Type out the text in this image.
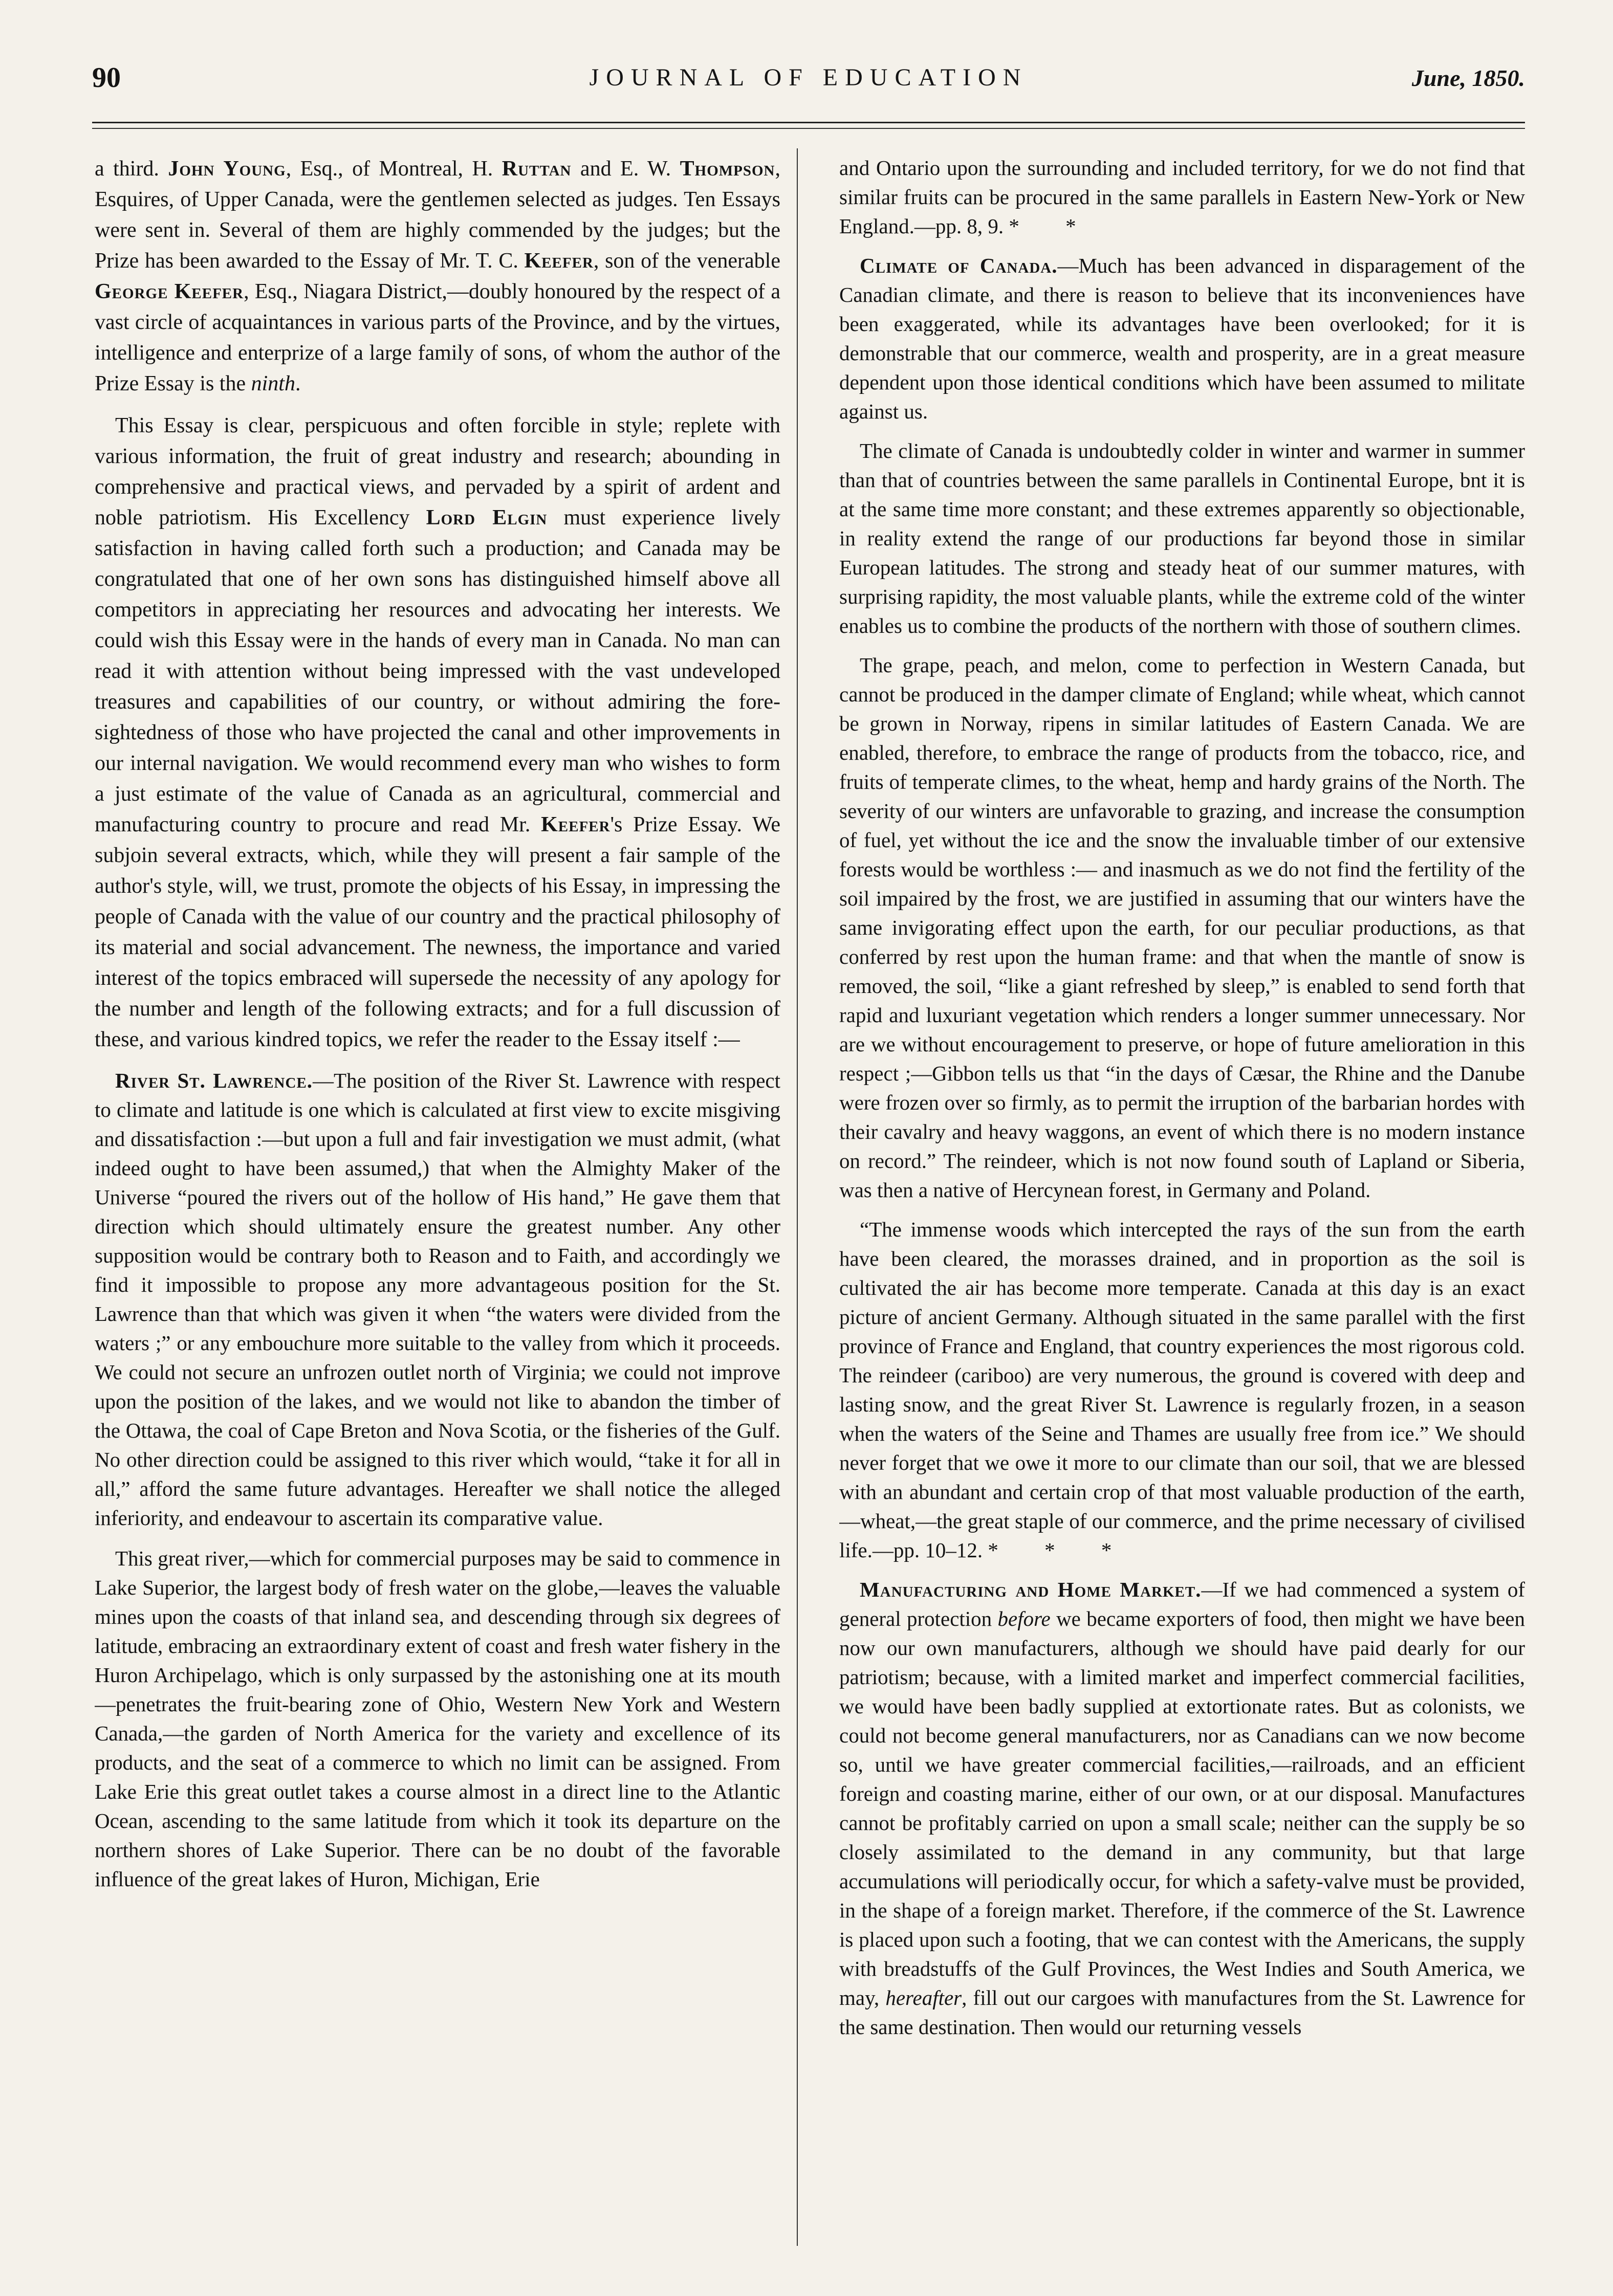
90	JOURNAL OF EDUCATION	June, 1850.

a third. John Young, Esq., of Montreal, H. Ruttan and E. W. Thompson, Esquires, of Upper Canada, were the gentlemen selected as judges. Ten Essays were sent in. Several of them are highly commended by the judges; but the Prize has been awarded to the Essay of Mr. T. C. Keefer, son of the venerable George Keefer, Esq., Niagara District,—doubly honoured by the respect of a vast circle of acquaintances in various parts of the Province, and by the virtues, intelligence and enterprize of a large family of sons, of whom the author of the Prize Essay is the ninth.

This Essay is clear, perspicuous and often forcible in style; replete with various information, the fruit of great industry and research; abounding in comprehensive and practical views, and pervaded by a spirit of ardent and noble patriotism. His Excellency Lord Elgin must experience lively satisfaction in having called forth such a production; and Canada may be congratulated that one of her own sons has distinguished himself above all competitors in appreciating her resources and advocating her interests. We could wish this Essay were in the hands of every man in Canada. No man can read it with attention without being impressed with the vast undeveloped treasures and capabilities of our country, or without admiring the fore-sightedness of those who have projected the canal and other improvements in our internal navigation. We would recommend every man who wishes to form a just estimate of the value of Canada as an agricultural, commercial and manufacturing country to procure and read Mr. Keefer's Prize Essay. We subjoin several extracts, which, while they will present a fair sample of the author's style, will, we trust, promote the objects of his Essay, in impressing the people of Canada with the value of our country and the practical philosophy of its material and social advancement. The newness, the importance and varied interest of the topics embraced will supersede the necessity of any apology for the number and length of the following extracts; and for a full discussion of these, and various kindred topics, we refer the reader to the Essay itself :—

River St. Lawrence.—The position of the River St. Lawrence with respect to climate and latitude is one which is calculated at first view to excite misgiving and dissatisfaction :—but upon a full and fair investigation we must admit, (what indeed ought to have been assumed,) that when the Almighty Maker of the Universe “poured the rivers out of the hollow of His hand,” He gave them that direction which should ultimately ensure the greatest number. Any other supposition would be contrary both to Reason and to Faith, and accordingly we find it impossible to propose any more advantageous position for the St. Lawrence than that which was given it when “the waters were divided from the waters ;” or any embouchure more suitable to the valley from which it proceeds. We could not secure an unfrozen outlet north of Virginia; we could not improve upon the position of the lakes, and we would not like to abandon the timber of the Ottawa, the coal of Cape Breton and Nova Scotia, or the fisheries of the Gulf. No other direction could be assigned to this river which would, “take it for all in all,” afford the same future advantages. Hereafter we shall notice the alleged inferiority, and endeavour to ascertain its comparative value.

This great river,—which for commercial purposes may be said to commence in Lake Superior, the largest body of fresh water on the globe,—leaves the valuable mines upon the coasts of that inland sea, and descending through six degrees of latitude, embracing an extraordinary extent of coast and fresh water fishery in the Huron Archipelago, which is only surpassed by the astonishing one at its mouth—penetrates the fruit-bearing zone of Ohio, Western New York and Western Canada,—the garden of North America for the variety and excellence of its products, and the seat of a commerce to which no limit can be assigned. From Lake Erie this great outlet takes a course almost in a direct line to the Atlantic Ocean, ascending to the same latitude from which it took its departure on the northern shores of Lake Superior. There can be no doubt of the favorable influence of the great lakes of Huron, Michigan, Erie

and Ontario upon the surrounding and included territory, for we do not find that similar fruits can be procured in the same parallels in Eastern New-York or New England.—pp. 8, 9. * *

Climate of Canada.—Much has been advanced in disparagement of the Canadian climate, and there is reason to believe that its inconveniences have been exaggerated, while its advantages have been overlooked; for it is demonstrable that our commerce, wealth and prosperity, are in a great measure dependent upon those identical conditions which have been assumed to militate against us.

The climate of Canada is undoubtedly colder in winter and warmer in summer than that of countries between the same parallels in Continental Europe, bnt it is at the same time more constant; and these extremes apparently so objectionable, in reality extend the range of our productions far beyond those in similar European latitudes. The strong and steady heat of our summer matures, with surprising rapidity, the most valuable plants, while the extreme cold of the winter enables us to combine the products of the northern with those of southern climes.

The grape, peach, and melon, come to perfection in Western Canada, but cannot be produced in the damper climate of England; while wheat, which cannot be grown in Norway, ripens in similar latitudes of Eastern Canada. We are enabled, therefore, to embrace the range of products from the tobacco, rice, and fruits of temperate climes, to the wheat, hemp and hardy grains of the North. The severity of our winters are unfavorable to grazing, and increase the consumption of fuel, yet without the ice and the snow the invaluable timber of our extensive forests would be worthless :— and inasmuch as we do not find the fertility of the soil impaired by the frost, we are justified in assuming that our winters have the same invigorating effect upon the earth, for our peculiar productions, as that conferred by rest upon the human frame: and that when the mantle of snow is removed, the soil, “like a giant refreshed by sleep,” is enabled to send forth that rapid and luxuriant vegetation which renders a longer summer unnecessary. Nor are we without encouragement to preserve, or hope of future amelioration in this respect ;—Gibbon tells us that “in the days of Cæsar, the Rhine and the Danube were frozen over so firmly, as to permit the irruption of the barbarian hordes with their cavalry and heavy waggons, an event of which there is no modern instance on record.” The reindeer, which is not now found south of Lapland or Siberia, was then a native of Hercynean forest, in Germany and Poland.

“The immense woods which intercepted the rays of the sun from the earth have been cleared, the morasses drained, and in proportion as the soil is cultivated the air has become more temperate. Canada at this day is an exact picture of ancient Germany. Although situated in the same parallel with the first province of France and England, that country experiences the most rigorous cold. The reindeer (cariboo) are very numerous, the ground is covered with deep and lasting snow, and the great River St. Lawrence is regularly frozen, in a season when the waters of the Seine and Thames are usually free from ice.” We should never forget that we owe it more to our climate than our soil, that we are blessed with an abundant and certain crop of that most valuable production of the earth,—wheat,—the great staple of our commerce, and the prime necessary of civilised life.—pp. 10–12. * * *

Manufacturing and Home Market.—If we had commenced a system of general protection before we became exporters of food, then might we have been now our own manufacturers, although we should have paid dearly for our patriotism; because, with a limited market and imperfect commercial facilities, we would have been badly supplied at extortionate rates. But as colonists, we could not become general manufacturers, nor as Canadians can we now become so, until we have greater commercial facilities,—railroads, and an efficient foreign and coasting marine, either of our own, or at our disposal. Manufactures cannot be profitably carried on upon a small scale; neither can the supply be so closely assimilated to the demand in any community, but that large accumulations will periodically occur, for which a safety-valve must be provided, in the shape of a foreign market. Therefore, if the commerce of the St. Lawrence is placed upon such a footing, that we can contest with the Americans, the supply with breadstuffs of the Gulf Provinces, the West Indies and South America, we may, hereafter, fill out our cargoes with manufactures from the St. Lawrence for the same destination. Then would our returning vessels
